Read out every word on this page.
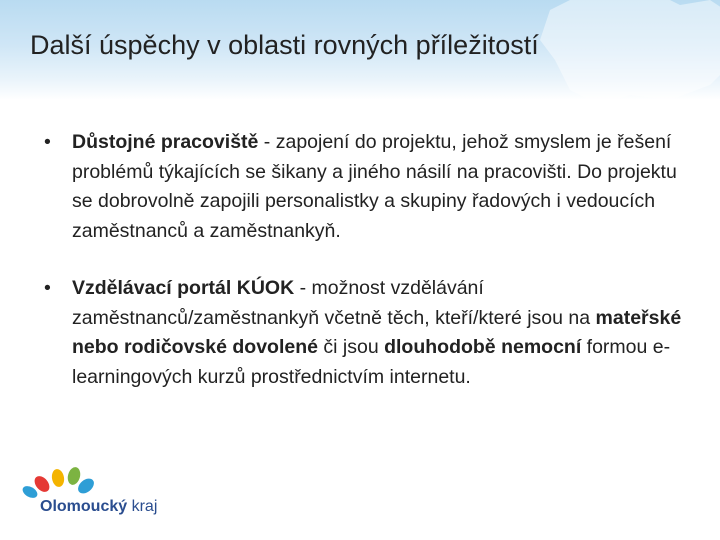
Další úspěchy v oblasti rovných příležitostí

• Důstojné pracoviště - zapojení do projektu, jehož smyslem je řešení problémů týkajících se šikany a jiného násilí na pracovišti. Do projektu se dobrovolně zapojili personalistky a skupiny řadových i vedoucích zaměstnanců a zaměstnankyň.

• Vzdělávací portál KÚOK - možnost vzdělávání zaměstnanců/zaměstnankyň včetně těch, kteří/které jsou na mateřské nebo rodičovské dovolené či jsou dlouhodobě nemocní formou e-learningových kurzů prostřednictvím internetu.

Olomoucký kraj
